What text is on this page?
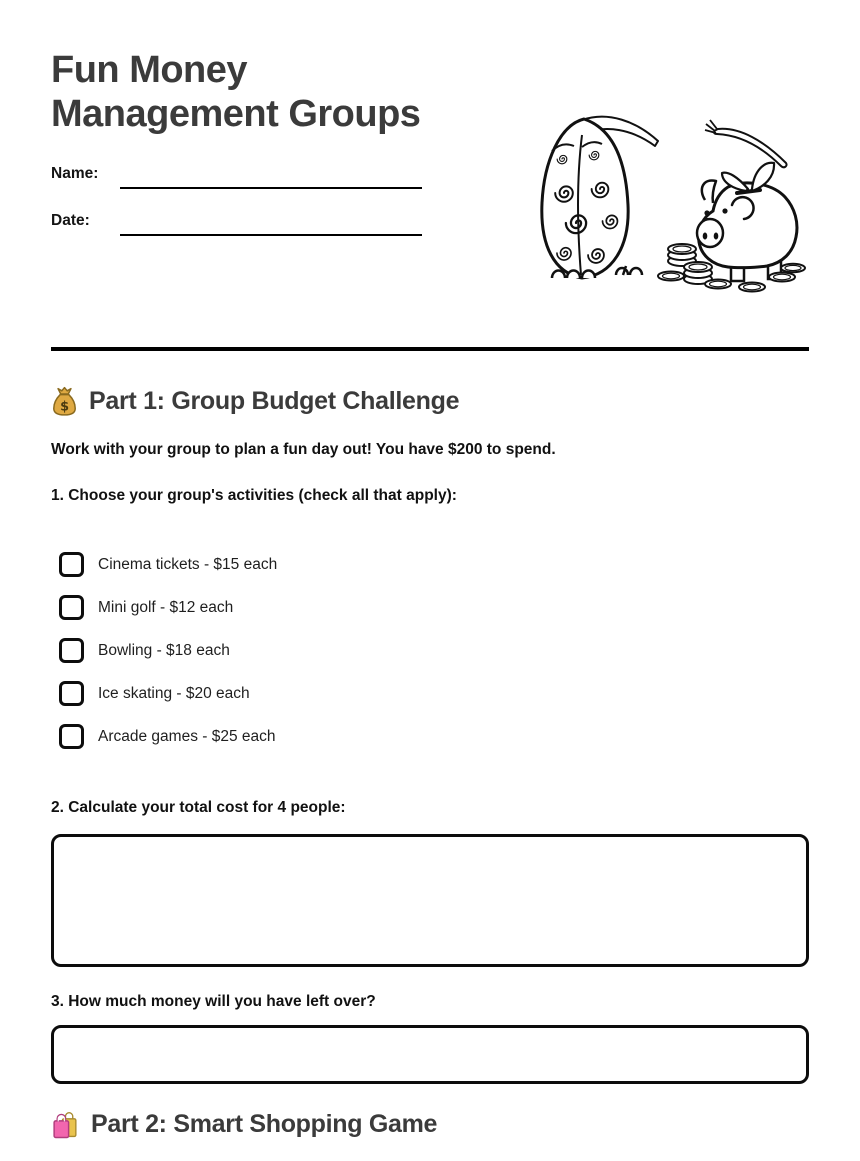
Fun Money
Management Groups
Name:
Date:
$ Part 1: Group Budget Challenge
Work with your group to plan a fun day out! You have $200 to spend.
1. Choose your group's activities (check all that apply):
Cinema tickets - $15 each
Mini golf - $12 each
Bowling - $18 each
Ice skating - $20 each
Arcade games - $25 each
2. Calculate your total cost for 4 people:
3. How much money will you have left over?
Part 2: Smart Shopping Game
